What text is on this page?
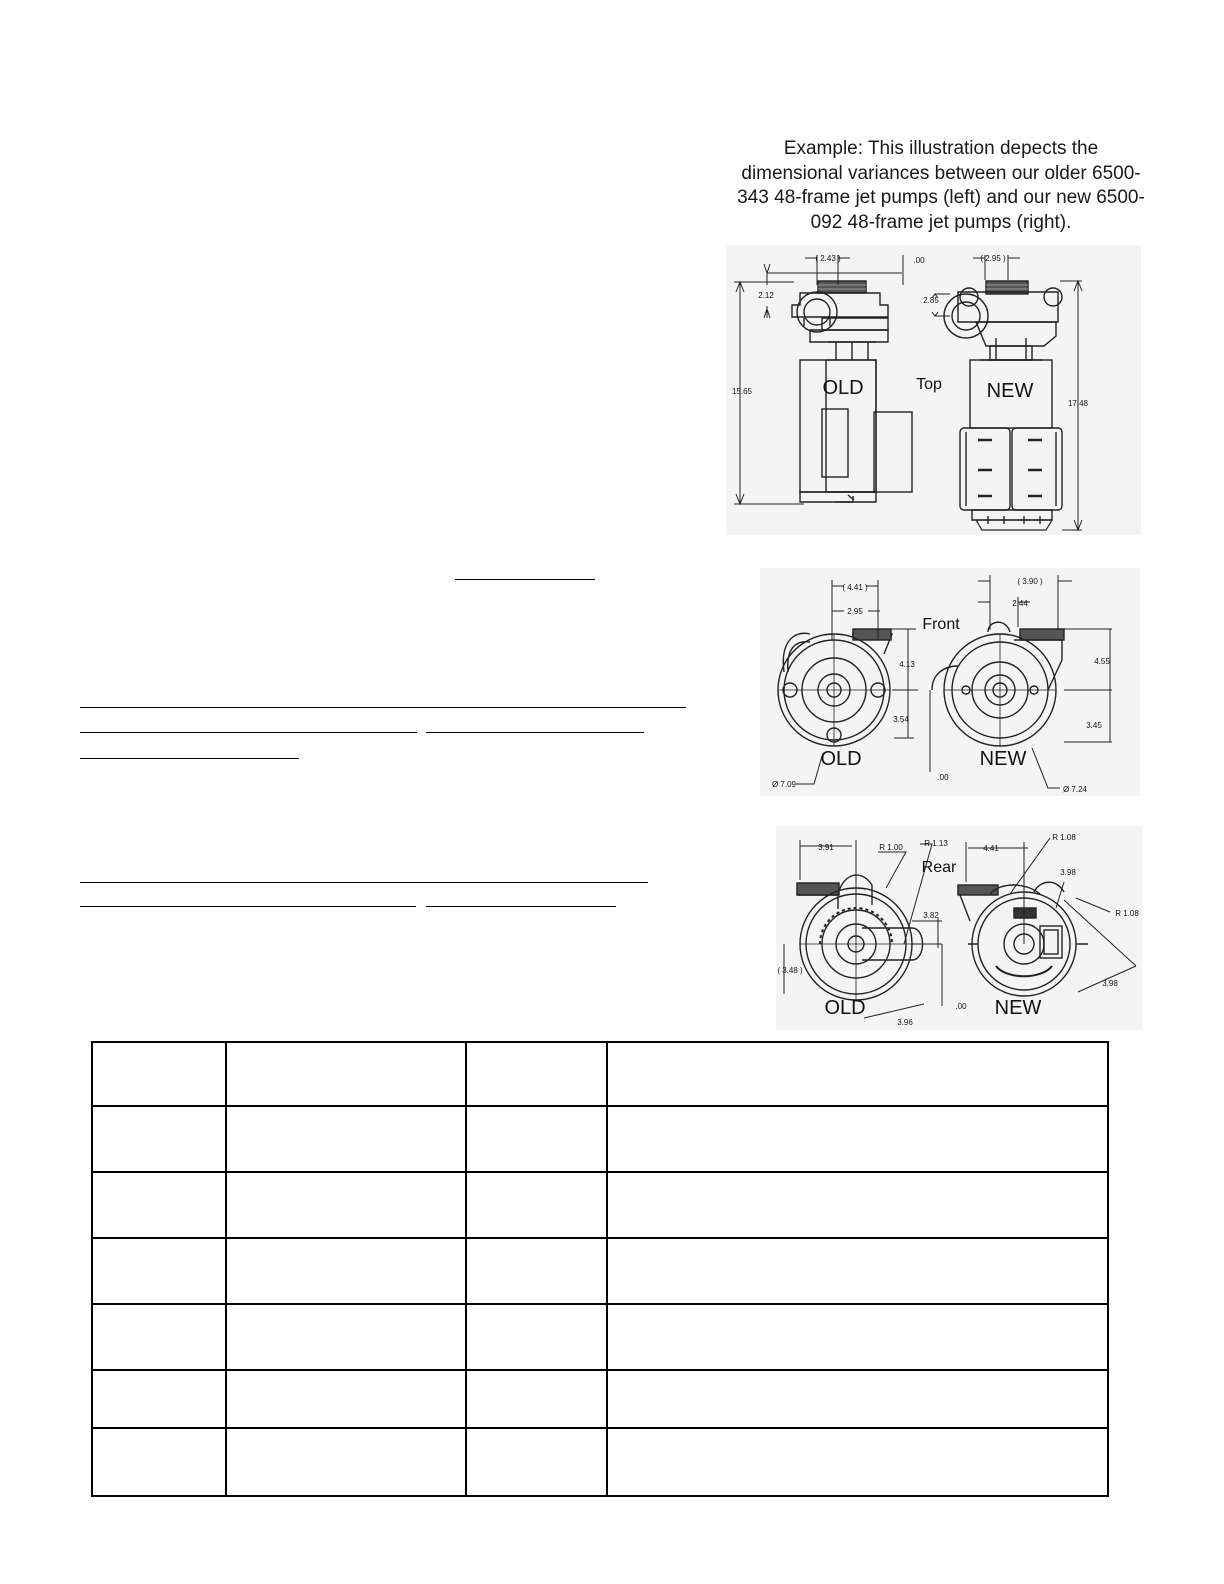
Example: This illustration depects the dimensional variances between our older 6500-343 48-frame jet pumps (left) and our new 6500-092 48-frame jet pumps (right).
OLD	Top NEW
( 2.43 )	.00	( 2.95 )
2.12
2.85
15.65
17.48
OLD
Front
NEW
( 4.41 )
2.95
( 3.90 )
2.44
4.13
3.54
4.55
3.45
.00
Ø 7.09
Ø 7.24
OLD
Rear
NEW
3.91	R 1.00	R 1.13
3.82
( 3.48 )
3.96
.00
4.41
R 1.08
R 1.08
3.98
3.98
